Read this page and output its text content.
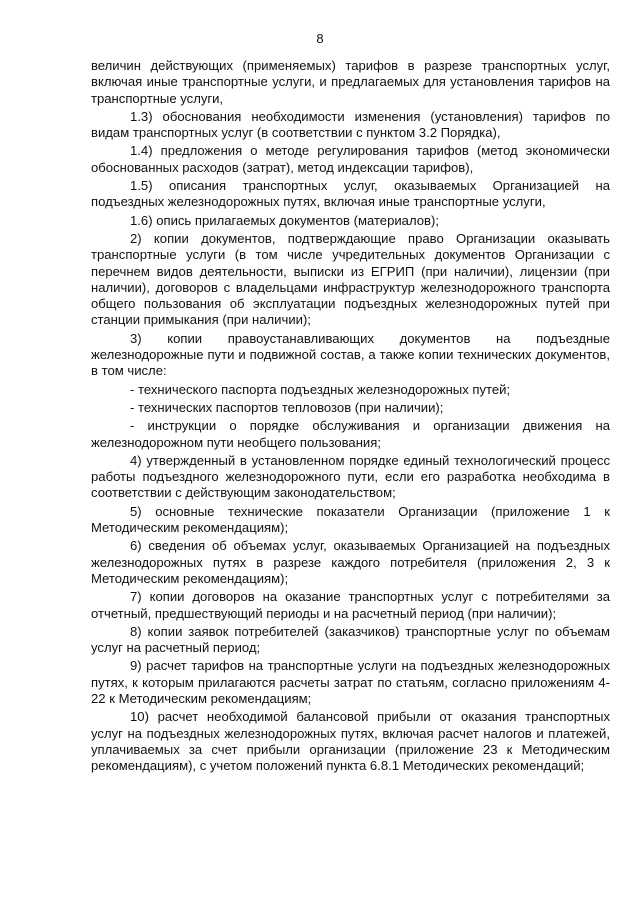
8

величин действующих (применяемых) тарифов в разрезе транспортных услуг, включая иные транспортные услуги, и предлагаемых для установления тарифов на транспортные услуги,

1.3) обоснования необходимости изменения (установления) тарифов по видам транспортных услуг (в соответствии с пунктом 3.2 Порядка),

1.4) предложения о методе регулирования тарифов (метод экономически обоснованных расходов (затрат), метод индексации тарифов),

1.5) описания транспортных услуг, оказываемых Организацией на подъездных железнодорожных путях, включая иные транспортные услуги,

1.6) опись прилагаемых документов (материалов);

2) копии документов, подтверждающие право Организации оказывать транспортные услуги (в том числе учредительных документов Организации с перечнем видов деятельности, выписки из ЕГРИП (при наличии), лицензии (при наличии), договоров с владельцами инфраструктур железнодорожного транспорта общего пользования об эксплуатации подъездных железнодорожных путей при станции примыкания (при наличии);

3) копии правоустанавливающих документов на подъездные железнодорожные пути и подвижной состав, а также копии технических документов, в том числе:

- технического паспорта подъездных железнодорожных путей;

- технических паспортов тепловозов (при наличии);

- инструкции о порядке обслуживания и организации движения на железнодорожном пути необщего пользования;

4) утвержденный в установленном порядке единый технологический процесс работы подъездного железнодорожного пути, если его разработка необходима в соответствии с действующим законодательством;

5) основные технические показатели Организации (приложение 1 к Методическим рекомендациям);

6) сведения об объемах услуг, оказываемых Организацией на подъездных железнодорожных путях в разрезе каждого потребителя (приложения 2, 3 к Методическим рекомендациям);

7) копии договоров на оказание транспортных услуг с потребителями за отчетный, предшествующий периоды и на расчетный период (при наличии);

8) копии заявок потребителей (заказчиков) транспортные услуг по объемам услуг на расчетный период;

9) расчет тарифов на транспортные услуги на подъездных железнодорожных путях, к которым прилагаются расчеты затрат по статьям, согласно приложениям 4-22 к Методическим рекомендациям;

10) расчет необходимой балансовой прибыли от оказания транспортных услуг на подъездных железнодорожных путях, включая расчет налогов и платежей, уплачиваемых за счет прибыли организации (приложение 23 к Методическим рекомендациям), с учетом положений пункта 6.8.1 Методических рекомендаций;
